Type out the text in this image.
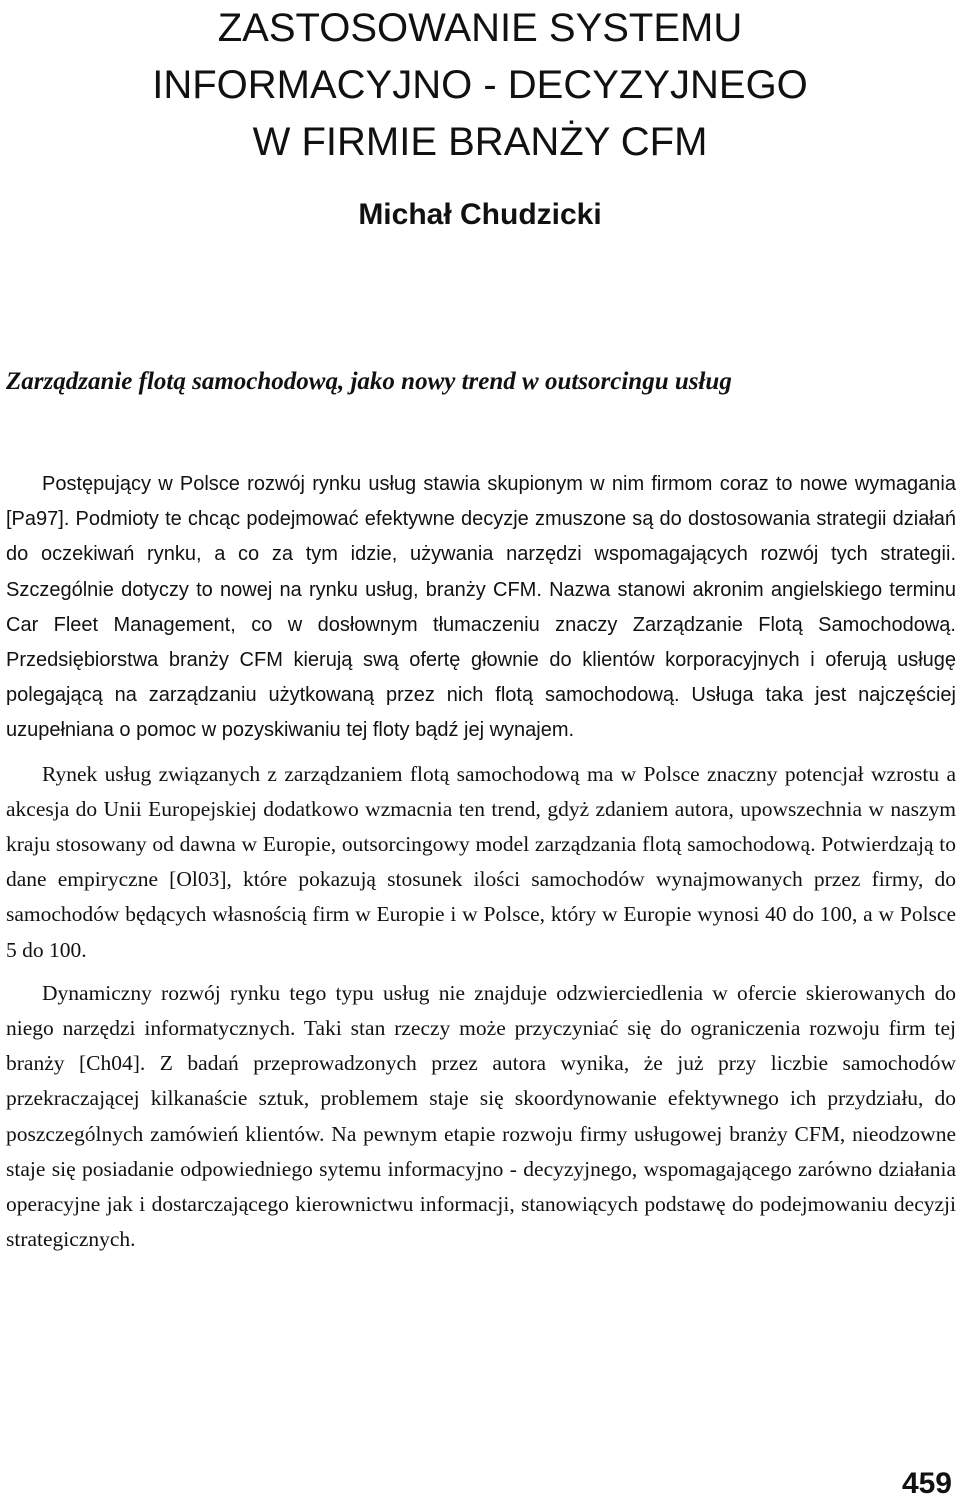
ZASTOSOWANIE SYSTEMU
INFORMACYJNO - DECYZYJNEGO
W FIRMIE BRANŻY CFM
Michał Chudzicki
Zarządzanie flotą samochodową, jako nowy trend w outsorcingu usług

Postępujący w Polsce rozwój rynku usług stawia skupionym w nim firmom coraz to nowe wymagania [Pa97]. Podmioty te chcąc podejmować efektywne decyzje zmuszone są do dostosowania strategii działań do oczekiwań rynku, a co za tym idzie, używania narzędzi wspomagających rozwój tych strategii. Szczególnie dotyczy to nowej na rynku usług, branży CFM. Nazwa stanowi akronim angielskiego terminu Car Fleet Management, co w dosłownym tłumaczeniu znaczy Zarządzanie Flotą Samochodową. Przedsiębiorstwa branży CFM kierują swą ofertę głownie do klientów korporacyjnych i oferują usługę polegającą na zarządzaniu użytkowaną przez nich flotą samochodową. Usługa taka jest najczęściej uzupełniana o pomoc w pozyskiwaniu tej floty bądź jej wynajem.

Rynek usług związanych z zarządzaniem flotą samochodową ma w Polsce znaczny potencjał wzrostu a akcesja do Unii Europejskiej dodatkowo wzmacnia ten trend, gdyż zdaniem autora, upowszechnia w naszym kraju stosowany od dawna w Europie, outsorcingowy model zarządzania flotą samochodową. Potwierdzają to dane empiryczne [Ol03], które pokazują stosunek ilości samochodów wynajmowanych przez firmy, do samochodów będących własnością firm w Europie i w Polsce, który w Europie wynosi 40 do 100, a w Polsce 5 do 100.

Dynamiczny rozwój rynku tego typu usług nie znajduje odzwierciedlenia w ofercie skierowanych do niego narzędzi informatycznych. Taki stan rzeczy może przyczyniać się do ograniczenia rozwoju firm tej branży [Ch04]. Z badań przeprowadzonych przez autora wynika, że już przy liczbie samochodów przekraczającej kilkanaście sztuk, problemem staje się skoordynowanie efektywnego ich przydziału, do poszczególnych zamówień klientów. Na pewnym etapie rozwoju firmy usługowej branży CFM, nieodzowne staje się posiadanie odpowiedniego sytemu informacyjno - decyzyjnego, wspomagającego zarówno działania operacyjne jak i dostarczającego kierownictwu informacji, stanowiących podstawę do podejmowaniu decyzji strategicznych.

459
